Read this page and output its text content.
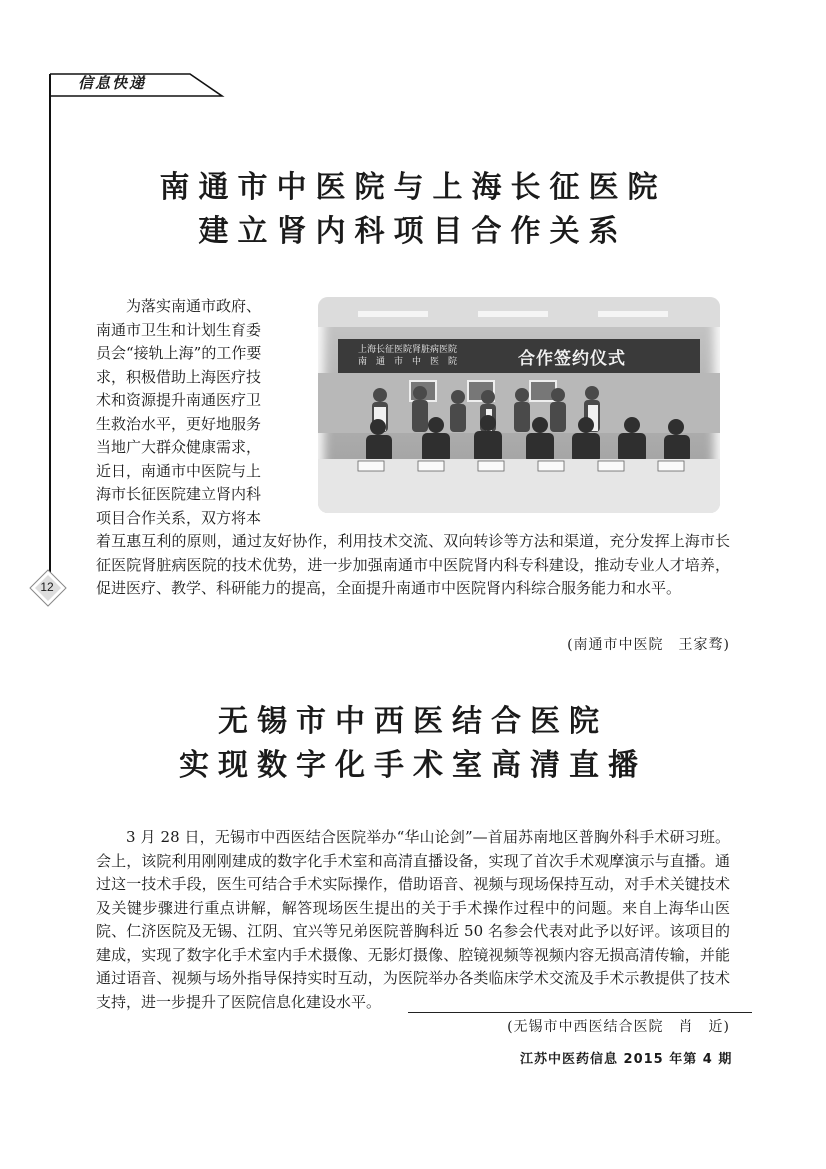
信息快递
12
南通市中医院与上海长征医院
建立肾内科项目合作关系
为落实南通市政府、
南通市卫生和计划生育委
员会“接轨上海”的工作要
求，积极借助上海医疗技
术和资源提升南通医疗卫
生救治水平，更好地服务
当地广大群众健康需求，
近日，南通市中医院与上
海市长征医院建立肾内科
项目合作关系，双方将本
上海长征医院肾脏病医院
南　通　市　中　医　院	合作签约仪式
着互惠互利的原则，通过友好协作，利用技术交流、双向转诊等方法和渠道，充分发挥上海市长征医院肾脏病医院的技术优势，进一步加强南通市中医院肾内科专科建设，推动专业人才培养，促进医疗、教学、科研能力的提高，全面提升南通市中医院肾内科综合服务能力和水平。
(南通市中医院　王家骛)
无锡市中西医结合医院
实现数字化手术室高清直播
3 月 28 日，无锡市中西医结合医院举办“华山论剑”—首届苏南地区普胸外科手术研习班。会上，该院利用刚刚建成的数字化手术室和高清直播设备，实现了首次手术观摩演示与直播。通过这一技术手段，医生可结合手术实际操作，借助语音、视频与现场保持互动，对手术关键技术及关键步骤进行重点讲解，解答现场医生提出的关于手术操作过程中的问题。来自上海华山医院、仁济医院及无锡、江阴、宜兴等兄弟医院普胸科近 50 名参会代表对此予以好评。该项目的建成，实现了数字化手术室内手术摄像、无影灯摄像、腔镜视频等视频内容无损高清传输，并能通过语音、视频与场外指导保持实时互动，为医院举办各类临床学术交流及手术示教提供了技术支持，进一步提升了医院信息化建设水平。
(无锡市中西医结合医院　肖　近)
江苏中医药信息 2015 年第 4 期
